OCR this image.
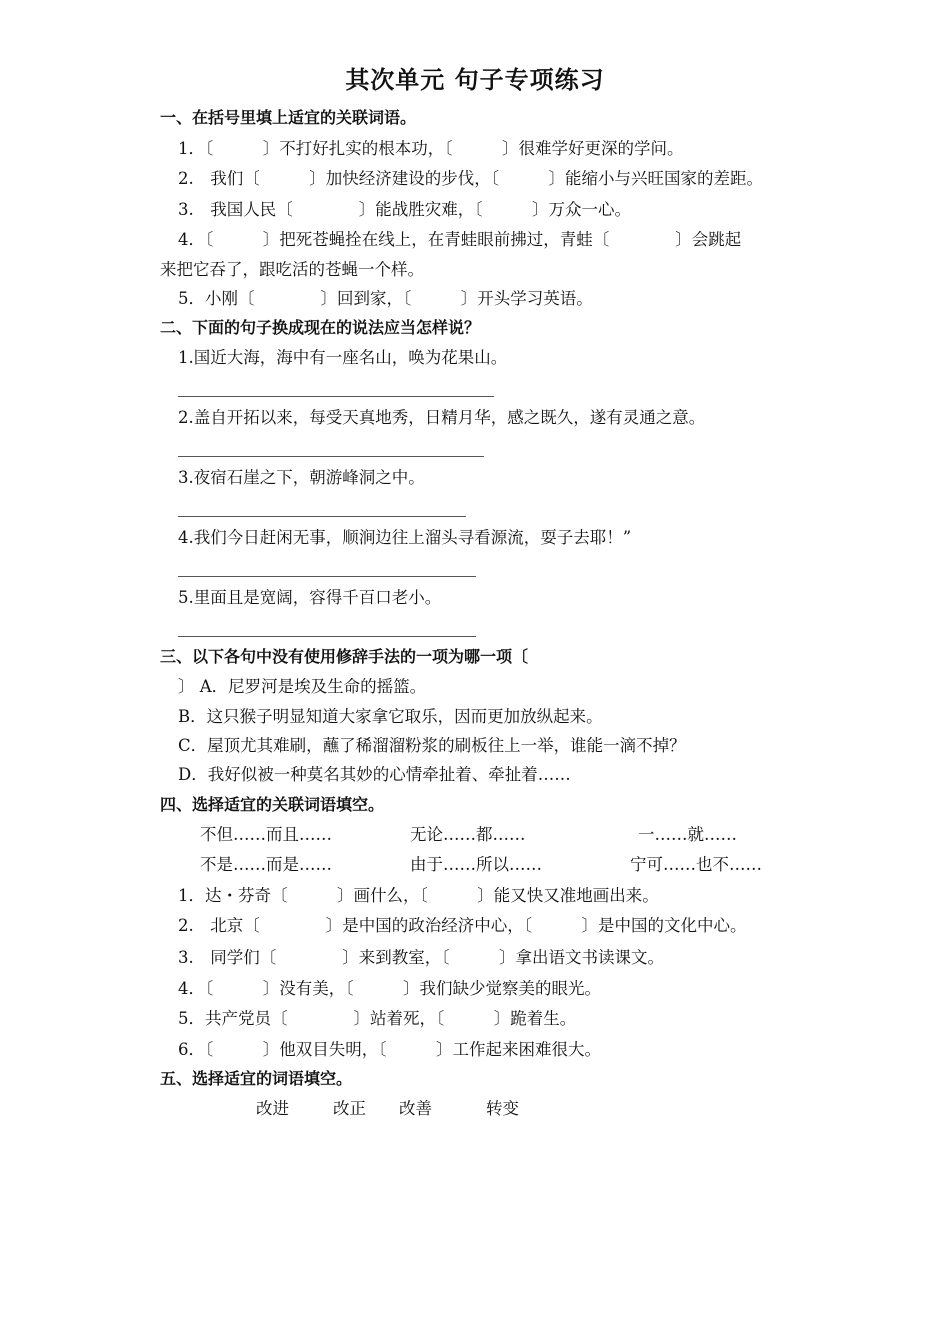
其次单元 句子专项练习
一、在括号里填上适宜的关联词语。
1．〔　　　〕不打好扎实的根本功，〔　　　〕很难学好更深的学问。
2.　我们〔　　　〕加快经济建设的步伐，〔　　　〕能缩小与兴旺国家的差距。
3.　我国人民〔　　　　〕能战胜灾难，〔　　　〕万众一心。
4．〔　　　〕把死苍蝇拴在线上，在青蛙眼前拂过，青蛙〔　　　　〕会跳起
来把它吞了，跟吃活的苍蝇一个样。
5．小刚〔　　　　〕回到家，〔　　　〕开头学习英语。
二、下面的句子换成现在的说法应当怎样说？
1.国近大海，海中有一座名山，唤为花果山。
2.盖自开拓以来，每受天真地秀，日精月华，感之既久，遂有灵通之意。
3.夜宿石崖之下，朝游峰洞之中。
4.我们今日赶闲无事，顺涧边往上溜头寻看源流，耍子去耶！”
5.里面且是宽阔，容得千百口老小。
三、以下各句中没有使用修辞手法的一项为哪一项〔
〕 A．尼罗河是埃及生命的摇篮。
B．这只猴子明显知道大家拿它取乐，因而更加放纵起来。
C．屋顶尤其难刷，蘸了稀溜溜粉浆的刷板往上一举，谁能一滴不掉？
D．我好似被一种莫名其妙的心情牵扯着、牵扯着……
四、选择适宜的关联词语填空。
不但……而且……	无论……都……	一……就……
不是……而是……	由于……所以……	宁可……也不……
1．达・芬奇〔　　　〕画什么，〔　　　〕能又快又准地画出来。
2.　北京〔　　　　〕是中国的政治经济中心，〔　　　〕是中国的文化中心。
3.　同学们〔　　　　〕来到教室，〔　　　〕拿出语文书读课文。
4．〔　　　〕没有美，〔　　　〕我们缺少觉察美的眼光。
5．共产党员〔　　　　〕站着死，〔　　　〕跪着生。
6．〔　　　〕他双目失明，〔　　　〕工作起来困难很大。
五、选择适宜的词语填空。
改进	改正 改善	转变
